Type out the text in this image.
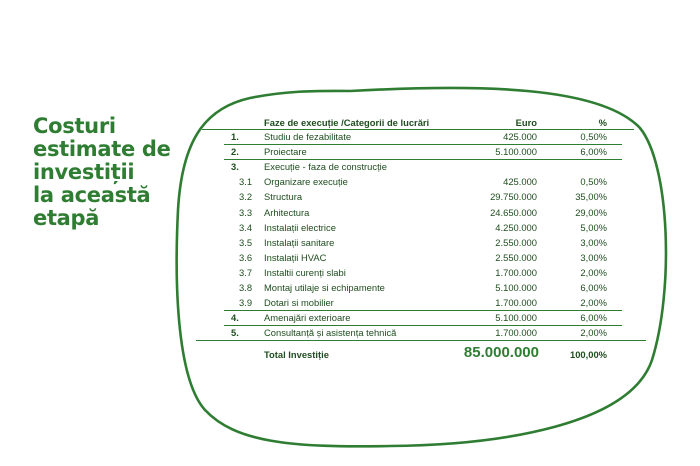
Costuri
estimate de
investiții
la această
etapă
Faze de execuție /Categorii de lucrări	Euro	%
1.	Studiu de fezabilitate	425.000	0,50%
2.	Proiectare	5.100.000	6,00%
3.	Execuție - faza de construcție
3.1 Organizare execuție	425.000	0,50%
3.2 Structura	29.750.000	35,00%
3.3 Arhitectura	24.650.000	29,00%
3.4 Instalații electrice	4.250.000	5,00%
3.5 Instalații sanitare	2.550.000	3,00%
3.6 Instalații HVAC	2.550.000	3,00%
3.7 Instaltii curenți slabi	1.700.000	2,00%
3.8 Montaj utilaje si echipamente	5.100.000	6,00%
3.9 Dotari si mobilier	1.700.000	2,00%
4.	Amenajări exterioare	5.100.000	6,00%
5.	Consultanță și asistența tehnică	1.700.000	2,00%
Total Investiție	85.000.000	100,00%
